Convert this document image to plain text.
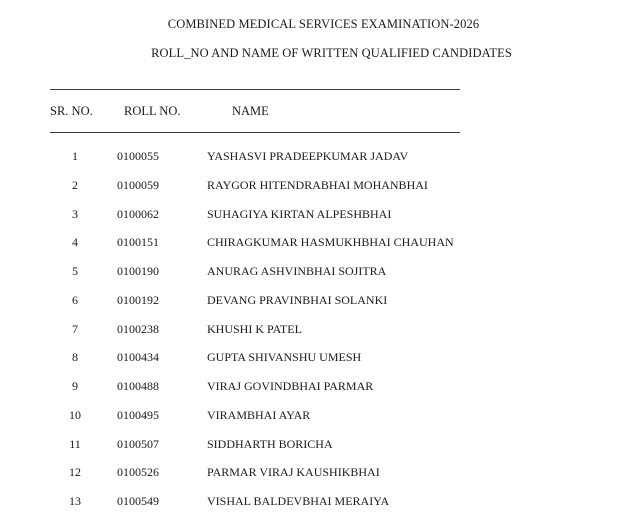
COMBINED MEDICAL SERVICES EXAMINATION-2026
ROLL_NO AND NAME OF WRITTEN QUALIFIED CANDIDATES
SR. NO.	ROLL NO.	NAME
1	0100055	YASHASVI PRADEEPKUMAR JADAV
2	0100059	RAYGOR HITENDRABHAI MOHANBHAI
3	0100062	SUHAGIYA KIRTAN ALPESHBHAI
4	0100151	CHIRAGKUMAR HASMUKHBHAI CHAUHAN
5	0100190	ANURAG ASHVINBHAI SOJITRA
6	0100192	DEVANG PRAVINBHAI SOLANKI
7	0100238	KHUSHI K PATEL
8	0100434	GUPTA SHIVANSHU UMESH
9	0100488	VIRAJ GOVINDBHAI PARMAR
10	0100495	VIRAMBHAI AYAR
11	0100507	SIDDHARTH BORICHA
12	0100526	PARMAR VIRAJ KAUSHIKBHAI
13	0100549	VISHAL BALDEVBHAI MERAIYA
